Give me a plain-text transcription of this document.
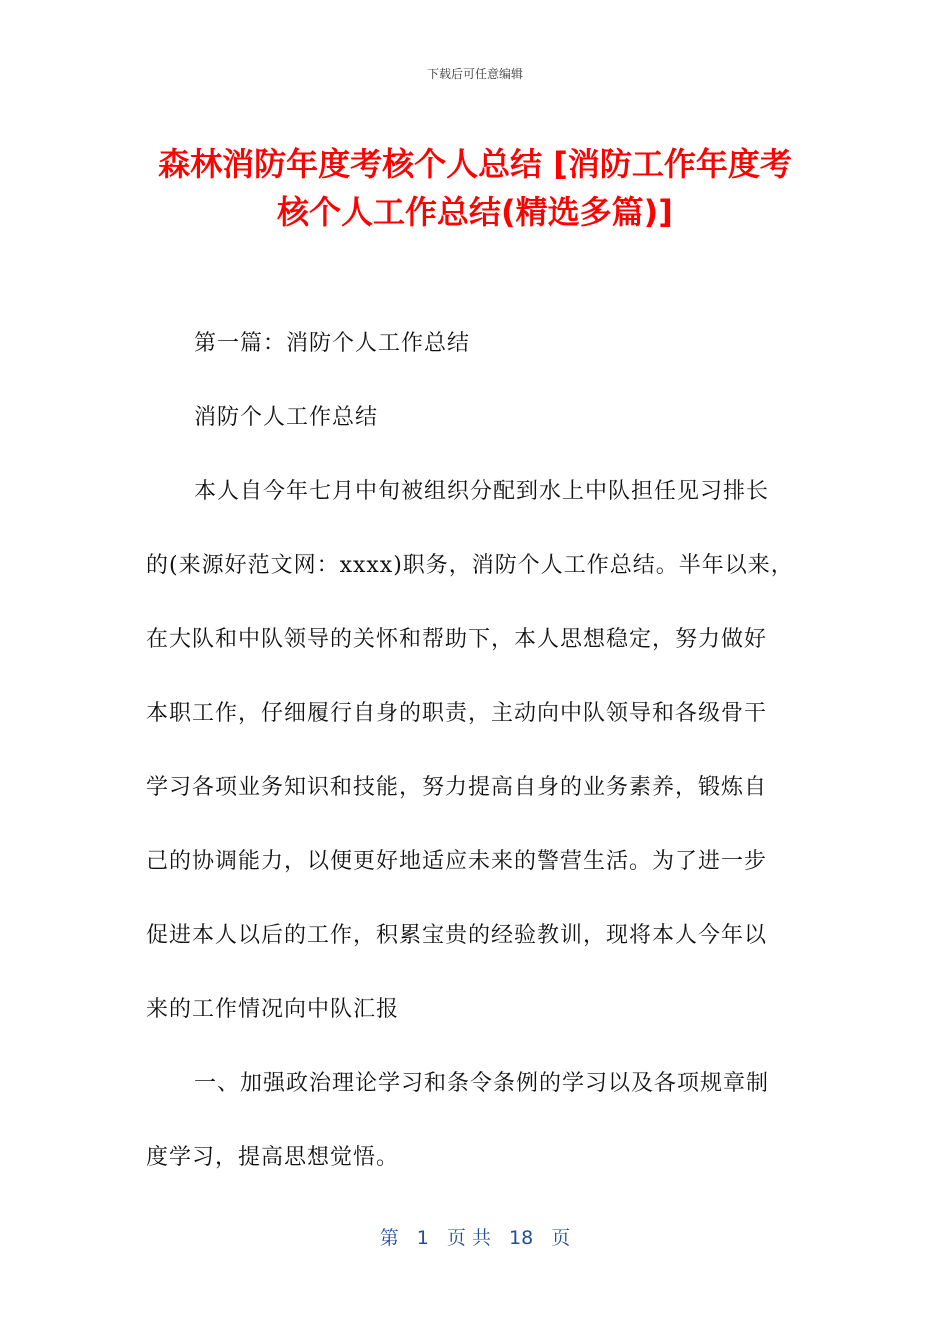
下载后可任意编辑
森林消防年度考核个人总结 [消防工作年度考
核个人工作总结(精选多篇)]
第一篇：消防个人工作总结
消防个人工作总结
本人自今年七月中旬被组织分配到水上中队担任见习排长
的(来源好范文网：xxxx)职务，消防个人工作总结。半年以来，
在大队和中队领导的关怀和帮助下，本人思想稳定，努力做好
本职工作，仔细履行自身的职责，主动向中队领导和各级骨干
学习各项业务知识和技能，努力提高自身的业务素养，锻炼自
己的协调能力，以便更好地适应未来的警营生活。为了进一步
促进本人以后的工作，积累宝贵的经验教训，现将本人今年以
来的工作情况向中队汇报
一、加强政治理论学习和条令条例的学习以及各项规章制
度学习，提高思想觉悟。
第 1 页 共 18 页
